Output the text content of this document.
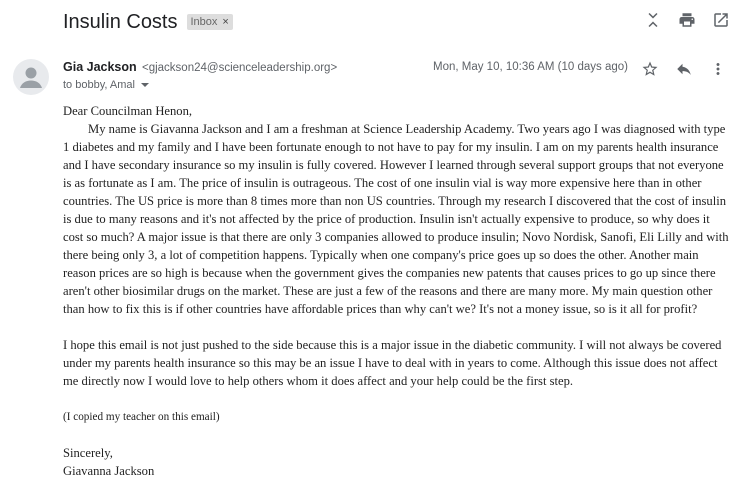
Insulin Costs Inbox ×
Gia Jackson <gjackson24@scienceleadership.org>
to bobby, Amal
Mon, May 10, 10:36 AM (10 days ago)

Dear Councilman Henon,

My name is Giavanna Jackson and I am a freshman at Science Leadership Academy. Two years ago I was diagnosed with type 1 diabetes and my family and I have been fortunate enough to not have to pay for my insulin. I am on my parents health insurance and I have secondary insurance so my insulin is fully covered. However I learned through several support groups that not everyone is as fortunate as I am. The price of insulin is outrageous. The cost of one insulin vial is way more expensive here than in other countries. The US price is more than 8 times more than non US countries. Through my research I discovered that the cost of insulin is due to many reasons and it's not affected by the price of production. Insulin isn't actually expensive to produce, so why does it cost so much? A major issue is that there are only 3 companies allowed to produce insulin; Novo Nordisk, Sanofi, Eli Lilly and with there being only 3, a lot of competition happens. Typically when one company's price goes up so does the other. Another main reason prices are so high is because when the government gives the companies new patents that causes prices to go up since there aren't other biosimilar drugs on the market. These are just a few of the reasons and there are many more. My main question other than how to fix this is if other countries have affordable prices than why can't we? It's not a money issue, so is it all for profit?

I hope this email is not just pushed to the side because this is a major issue in the diabetic community. I will not always be covered under my parents health insurance so this may be an issue I have to deal with in years to come. Although this issue does not affect me directly now I would love to help others whom it does affect and your help could be the first step.

(I copied my teacher on this email)

Sincerely,

Giavanna Jackson
